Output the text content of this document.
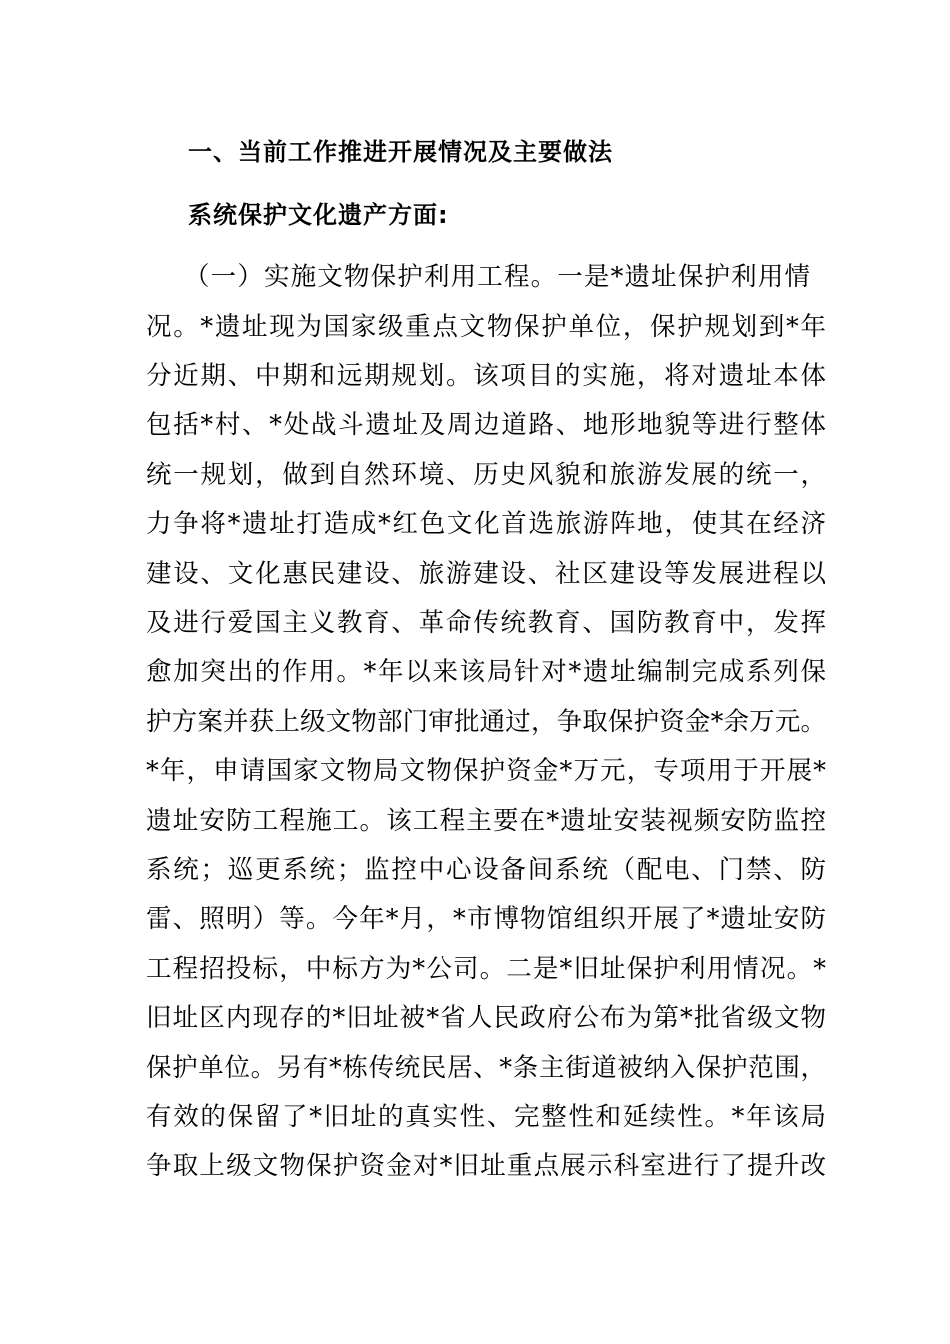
一、当前工作推进开展情况及主要做法
系统保护文化遗产方面:
（一）实施文物保护利用工程。一是*遗址保护利用情
况。*遗址现为国家级重点文物保护单位，保护规划到*年
分近期、中期和远期规划。该项目的实施，将对遗址本体
包括*村、*处战斗遗址及周边道路、地形地貌等进行整体
统一规划，做到自然环境、历史风貌和旅游发展的统一，
力争将*遗址打造成*红色文化首选旅游阵地，使其在经济
建设、文化惠民建设、旅游建设、社区建设等发展进程以
及进行爱国主义教育、革命传统教育、国防教育中，发挥
愈加突出的作用。*年以来该局针对*遗址编制完成系列保
护方案并获上级文物部门审批通过，争取保护资金*余万元。
*年，申请国家文物局文物保护资金*万元，专项用于开展*
遗址安防工程施工。该工程主要在*遗址安装视频安防监控
系统；巡更系统；监控中心设备间系统（配电、门禁、防
雷、照明）等。今年*月，*市博物馆组织开展了*遗址安防
工程招投标，中标方为*公司。二是*旧址保护利用情况。*
旧址区内现存的*旧址被*省人民政府公布为第*批省级文物
保护单位。另有*栋传统民居、*条主街道被纳入保护范围，
有效的保留了*旧址的真实性、完整性和延续性。*年该局
争取上级文物保护资金对*旧址重点展示科室进行了提升改
